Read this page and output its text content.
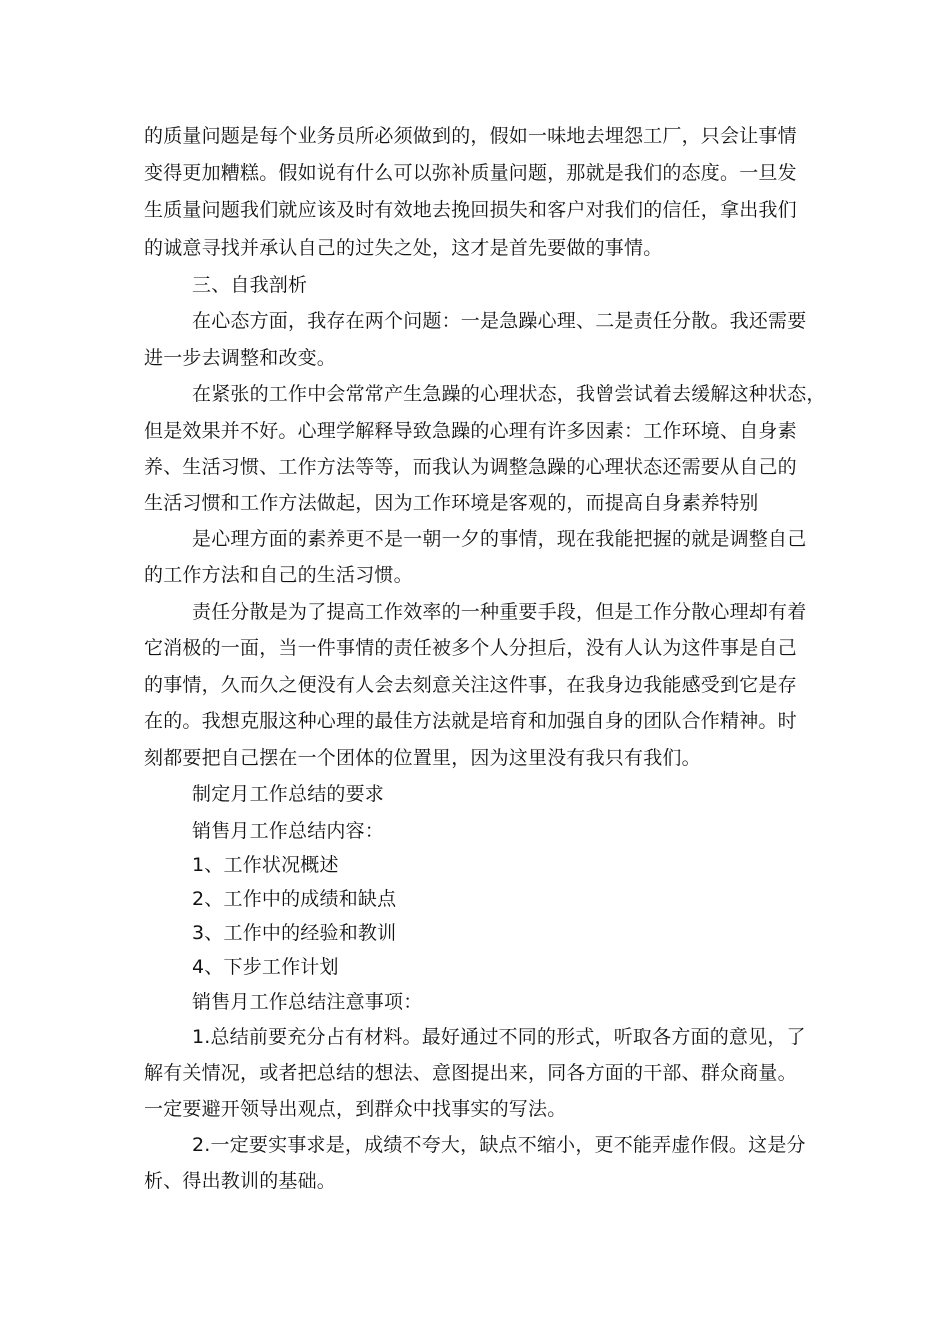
的质量问题是每个业务员所必须做到的，假如一味地去埋怨工厂，只会让事情
变得更加糟糕。假如说有什么可以弥补质量问题，那就是我们的态度。一旦发
生质量问题我们就应该及时有效地去挽回损失和客户对我们的信任，拿出我们
的诚意寻找并承认自己的过失之处，这才是首先要做的事情。
三、自我剖析
在心态方面，我存在两个问题：一是急躁心理、二是责任分散。我还需要
进一步去调整和改变。
在紧张的工作中会常常产生急躁的心理状态，我曾尝试着去缓解这种状态，
但是效果并不好。心理学解释导致急躁的心理有许多因素：工作环境、自身素
养、生活习惯、工作方法等等，而我认为调整急躁的心理状态还需要从自己的
生活习惯和工作方法做起，因为工作环境是客观的，而提高自身素养特别
是心理方面的素养更不是一朝一夕的事情，现在我能把握的就是调整自己
的工作方法和自己的生活习惯。
责任分散是为了提高工作效率的一种重要手段，但是工作分散心理却有着
它消极的一面，当一件事情的责任被多个人分担后，没有人认为这件事是自己
的事情，久而久之便没有人会去刻意关注这件事，在我身边我能感受到它是存
在的。我想克服这种心理的最佳方法就是培育和加强自身的团队合作精神。时
刻都要把自己摆在一个团体的位置里，因为这里没有我只有我们。
制定月工作总结的要求
销售月工作总结内容：
1、工作状况概述
2、工作中的成绩和缺点
3、工作中的经验和教训
4、下步工作计划
销售月工作总结注意事项：
1.总结前要充分占有材料。最好通过不同的形式，听取各方面的意见，了
解有关情况，或者把总结的想法、意图提出来，同各方面的干部、群众商量。
一定要避开领导出观点，到群众中找事实的写法。
2.一定要实事求是，成绩不夸大，缺点不缩小，更不能弄虚作假。这是分
析、得出教训的基础。
